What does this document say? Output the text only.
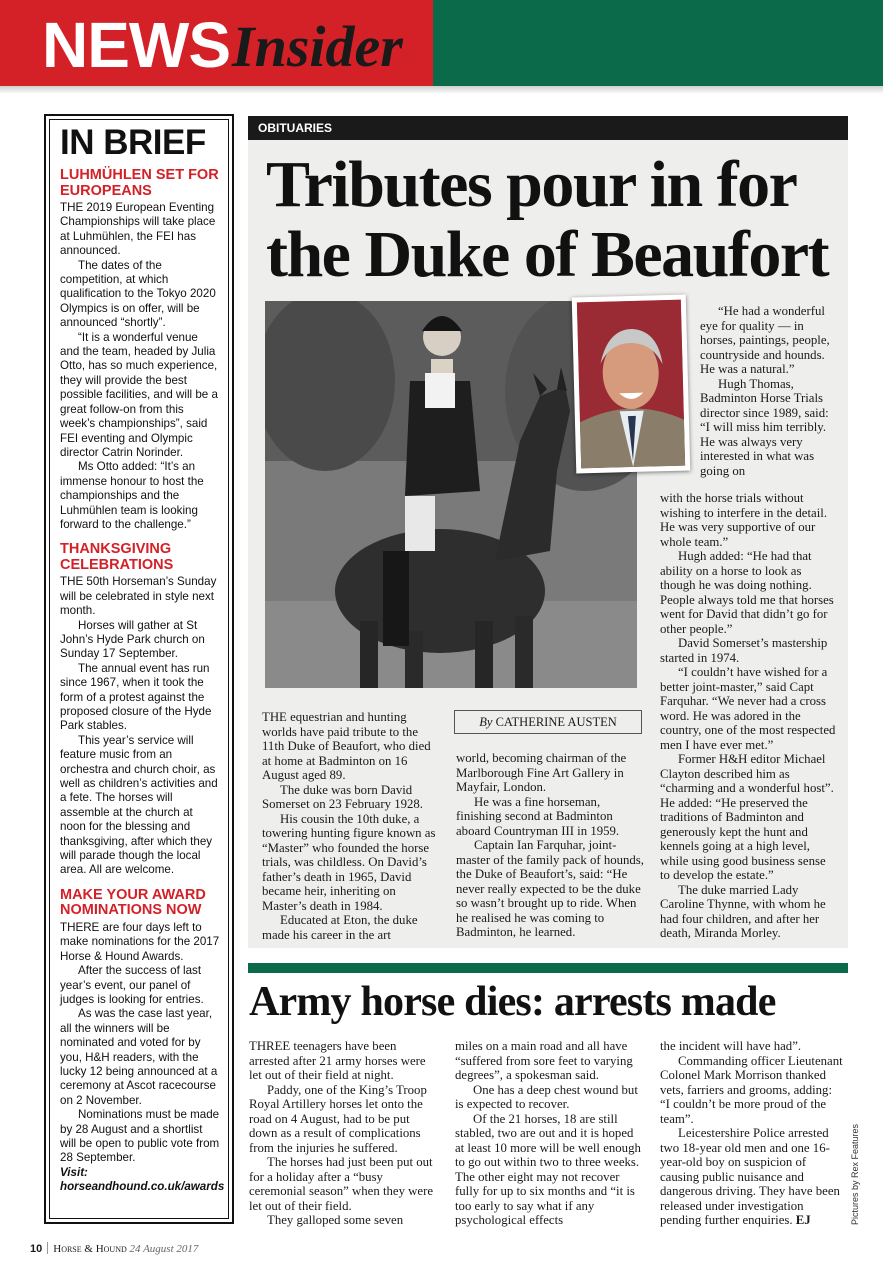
NEWS Insider
IN BRIEF
LUHMÜHLEN SET FOR EUROPEANS

THE 2019 European Eventing Championships will take place at Luhmühlen, the FEI has announced.

The dates of the competition, at which qualification to the Tokyo 2020 Olympics is on offer, will be announced “shortly”.

“It is a wonderful venue and the team, headed by Julia Otto, has so much experience, they will provide the best possible facilities, and will be a great follow-on from this week’s championships”, said FEI eventing and Olympic director Catrin Norinder.

Ms Otto added: “It’s an immense honour to host the championships and the Luhmühlen team is looking forward to the challenge.”

THANKSGIVING CELEBRATIONS

THE 50th Horseman’s Sunday will be celebrated in style next month.

Horses will gather at St John’s Hyde Park church on Sunday 17 September.

The annual event has run since 1967, when it took the form of a protest against the proposed closure of the Hyde Park stables.

This year’s service will feature music from an orchestra and church choir, as well as children’s activities and a fete. The horses will assemble at the church at noon for the blessing and thanksgiving, after which they will parade though the local area. All are welcome.

MAKE YOUR AWARD NOMINATIONS NOW

THERE are four days left to make nominations for the 2017 Horse & Hound Awards.

After the success of last year’s event, our panel of judges is looking for entries.

As was the case last year, all the winners will be nominated and voted for by you, H&H readers, with the lucky 12 being announced at a ceremony at Ascot racecourse on 2 November.

Nominations must be made by 28 August and a shortlist will be open to public vote from 28 September.

Visit: horseandhound.co.uk/awards

OBITUARIES
Tributes pour in for
the Duke of Beaufort

THE equestrian and hunting worlds have paid tribute to the 11th Duke of Beaufort, who died at home at Badminton on 16 August aged 89.

The duke was born David Somerset on 23 February 1928.

His cousin the 10th duke, a towering hunting figure known as “Master” who founded the horse trials, was childless. On David’s father’s death in 1965, David became heir, inheriting on Master’s death in 1984.

Educated at Eton, the duke made his career in the art

By CATHERINE AUSTEN

world, becoming chairman of the Marlborough Fine Art Gallery in Mayfair, London.

He was a fine horseman, finishing second at Badminton aboard Countryman III in 1959.

Captain Ian Farquhar, joint-master of the family pack of hounds, the Duke of Beaufort’s, said: “He never really expected to be the duke so wasn’t brought up to ride. When he realised he was coming to Badminton, he learned.

“He had a wonderful eye for quality — in horses, paintings, people, countryside and hounds. He was a natural.”

Hugh Thomas, Badminton Horse Trials director since 1989, said: “I will miss him terribly. He was always very interested in what was going on

with the horse trials without wishing to interfere in the detail. He was very supportive of our whole team.”

Hugh added: “He had that ability on a horse to look as though he was doing nothing. People always told me that horses went for David that didn’t go for other people.”

David Somerset’s mastership started in 1974.

“I couldn’t have wished for a better joint-master,” said Capt Farquhar. “We never had a cross word. He was adored in the country, one of the most respected men I have ever met.”

Former H&H editor Michael Clayton described him as “charming and a wonderful host”. He added: “He preserved the traditions of Badminton and generously kept the hunt and kennels going at a high level, while using good business sense to develop the estate.”

The duke married Lady Caroline Thynne, with whom he had four children, and after her death, Miranda Morley.

Army horse dies: arrests made

THREE teenagers have been arrested after 21 army horses were let out of their field at night.

Paddy, one of the King’s Troop Royal Artillery horses let onto the road on 4 August, had to be put down as a result of complications from the injuries he suffered.

The horses had just been put out for a holiday after a “busy ceremonial season” when they were let out of their field.

They galloped some seven

miles on a main road and all have “suffered from sore feet to varying degrees”, a spokesman said.

One has a deep chest wound but is expected to recover.

Of the 21 horses, 18 are still stabled, two are out and it is hoped at least 10 more will be well enough to go out within two to three weeks. The other eight may not recover fully for up to six months and “it is too early to say what if any psychological effects

the incident will have had”.

Commanding officer Lieutenant Colonel Mark Morrison thanked vets, farriers and grooms, adding: “I couldn’t be more proud of the team”.

Leicestershire Police arrested two 18-year old men and one 16-year-old boy on suspicion of causing public nuisance and dangerous driving. They have been released under investigation pending further enquiries. EJ	Pictures by Rex Features
10 Horse & Hound 24 August 2017
